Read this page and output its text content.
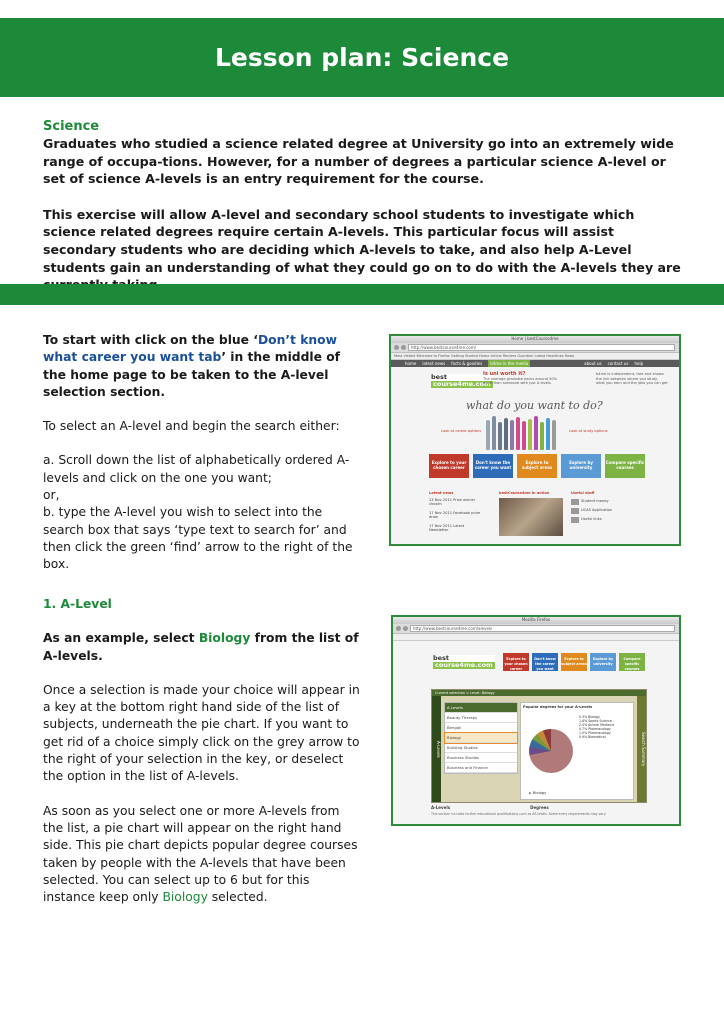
Lesson plan: Science
Science

Graduates who studied a science related degree at University go into an extremely wide range of occupa-tions. However, for a number of degrees a particular science A-level or set of science A-levels is an entry requirement for the course.

This exercise will allow A-level and secondary school students to investigate which science related degrees require certain A-levels. This particular focus will assist secondary students who are deciding which A-levels to take, and also help A-Level students gain an understanding of what they could go on to do with the A-levels they are

To start with click on the blue ‘Don’t know what career you want tab’ in the middle of the home page to be taken to the A-level selection section.

To select an A-level and begin the search either:

a. Scroll down the list of alphabetically ordered A-levels and click on the one you want;

or,

b. type the A-level you wish to select into the search box that says ‘type text to search for’ and then click the green ‘find’ arrow to the right of the box.

Home | bestCourse4me
http://www.bestcourse4me.com/
Most Visited Welcome to Firefox Getting Started Home Article Reuters Guardian Latest Headlines News
home latest news facts & goodies	b4me in the media	about us contact us help
best
course4me.com
Is uni worth it?
The average graduate earns around 50% more than someone with just A levels
b4me is independent, free and shows the link between where you study, what you earn and the jobs you can get
what do you want to do?
Look at career options	Look at study options
Explore to your chosen career
Don't know the career you want
Explore to subject areas
Explore by university
Compare specific courses
Latest news
23 Nov 2011 Prize winner chosen
17 Nov 2011 Facebook prize draw
17 Nov 2011 Latest Newsletter
bestCourse4me in action	Useful stuff
Student money
UCAS Application
Useful links

1. A-Level

As an example, select Biology from the list of A-levels.

Once a selection is made your choice will appear in a key at the bottom right hand side of the list of subjects, underneath the pie chart. If you want to get rid of a choice simply click on the grey arrow to the right of your selection in the key, or deselect the option in the list of A-levels.

As soon as you select one or more A-levels from the list, a pie chart will appear on the right hand side. This pie chart depicts popular degree courses taken by people with the A-levels that have been selected. You can select up to 6 but for this instance keep only Biology selected.

Mozilla Firefox
http://www.bestcourse4me.com/alevels
best
course4me.com
Explore to your chosen career
Don't know the career you want
Explore to subject areas
Explore by university
Compare specific courses
Current selection > Level: Biology
A-Levels	Search Summary
A Levels
Beauty Therapy
Bengali
Biology
Building Studies
Business Studies
Business and Finance
Popular degrees for your A-Levels
0.3% Biology
1.6% Sports Science
2.4% Animal Medicine
0.7% Pharmacology
1.0% Pharmacology
0.9% Biomedical
▶ Biology
A-Levels	Degrees
This section includes further educational qualifications such as AS levels. Some entry requirements may vary.
